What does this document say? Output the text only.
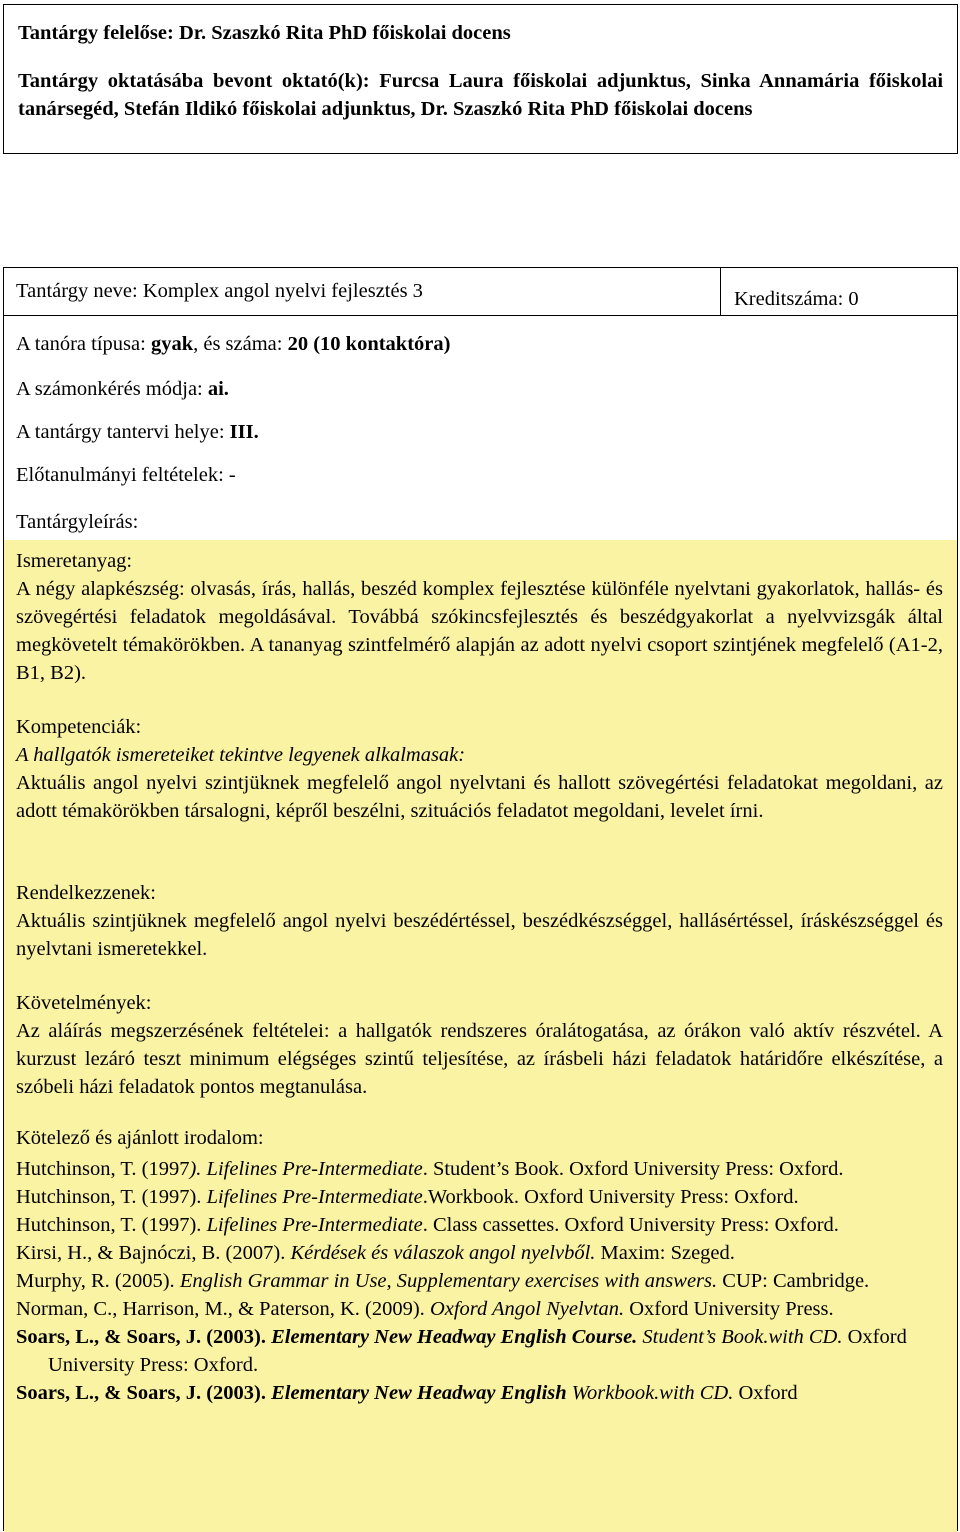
Tantárgy felelőse: Dr. Szaszkó Rita PhD főiskolai docens

Tantárgy oktatásába bevont oktató(k): Furcsa Laura főiskolai adjunktus, Sinka Annamária főiskolai tanársegéd, Stefán Ildikó főiskolai adjunktus, Dr. Szaszkó Rita PhD főiskolai docens

Tantárgy neve: Komplex angol nyelvi fejlesztés 3	Kreditszáma: 0
A tanóra típusa: gyak, és száma: 20 (10 kontaktóra)
A számonkérés módja: ai.
A tantárgy tantervi helye: III.
Előtanulmányi feltételek: -
Tantárgyleírás:

Ismeretanyag:

A négy alapkészség: olvasás, írás, hallás, beszéd komplex fejlesztése különféle nyelvtani gyakorlatok, hallás- és szövegértési feladatok megoldásával. Továbbá szókincsfejlesztés és beszédgyakorlat a nyelvvizsgák által megkövetelt témakörökben. A tananyag szintfelmérő alapján az adott nyelvi csoport szintjének megfelelő (A1-2, B1, B2).

Kompetenciák:

A hallgatók ismereteiket tekintve legyenek alkalmasak:

Aktuális angol nyelvi szintjüknek megfelelő angol nyelvtani és hallott szövegértési feladatokat megoldani, az adott témakörökben társalogni, képről beszélni, szituációs feladatot megoldani, levelet írni.

Rendelkezzenek:

Aktuális szintjüknek megfelelő angol nyelvi beszédértéssel, beszédkészséggel, hallásértéssel, íráskészséggel és nyelvtani ismeretekkel.

Követelmények:

Az aláírás megszerzésének feltételei: a hallgatók rendszeres óralátogatása, az órákon való aktív részvétel. A kurzust lezáró teszt minimum elégséges szintű teljesítése, az írásbeli házi feladatok határidőre elkészítése, a szóbeli házi feladatok pontos megtanulása.

Kötelező és ajánlott irodalom:

Hutchinson, T. (1997). Lifelines Pre-Intermediate. Student’s Book. Oxford University Press: Oxford.

Hutchinson, T. (1997). Lifelines Pre-Intermediate.Workbook. Oxford University Press: Oxford.

Hutchinson, T. (1997). Lifelines Pre-Intermediate. Class cassettes. Oxford University Press: Oxford.

Kirsi, H., & Bajnóczi, B. (2007). Kérdések és válaszok angol nyelvből. Maxim: Szeged.

Murphy, R. (2005). English Grammar in Use, Supplementary exercises with answers. CUP: Cambridge.

Norman, C., Harrison, M., & Paterson, K. (2009). Oxford Angol Nyelvtan. Oxford University Press.

Soars, L., & Soars, J. (2003). Elementary New Headway English Course. Student’s Book.with CD. Oxford University Press: Oxford.

Soars, L., & Soars, J. (2003). Elementary New Headway English Workbook.with CD. Oxford
